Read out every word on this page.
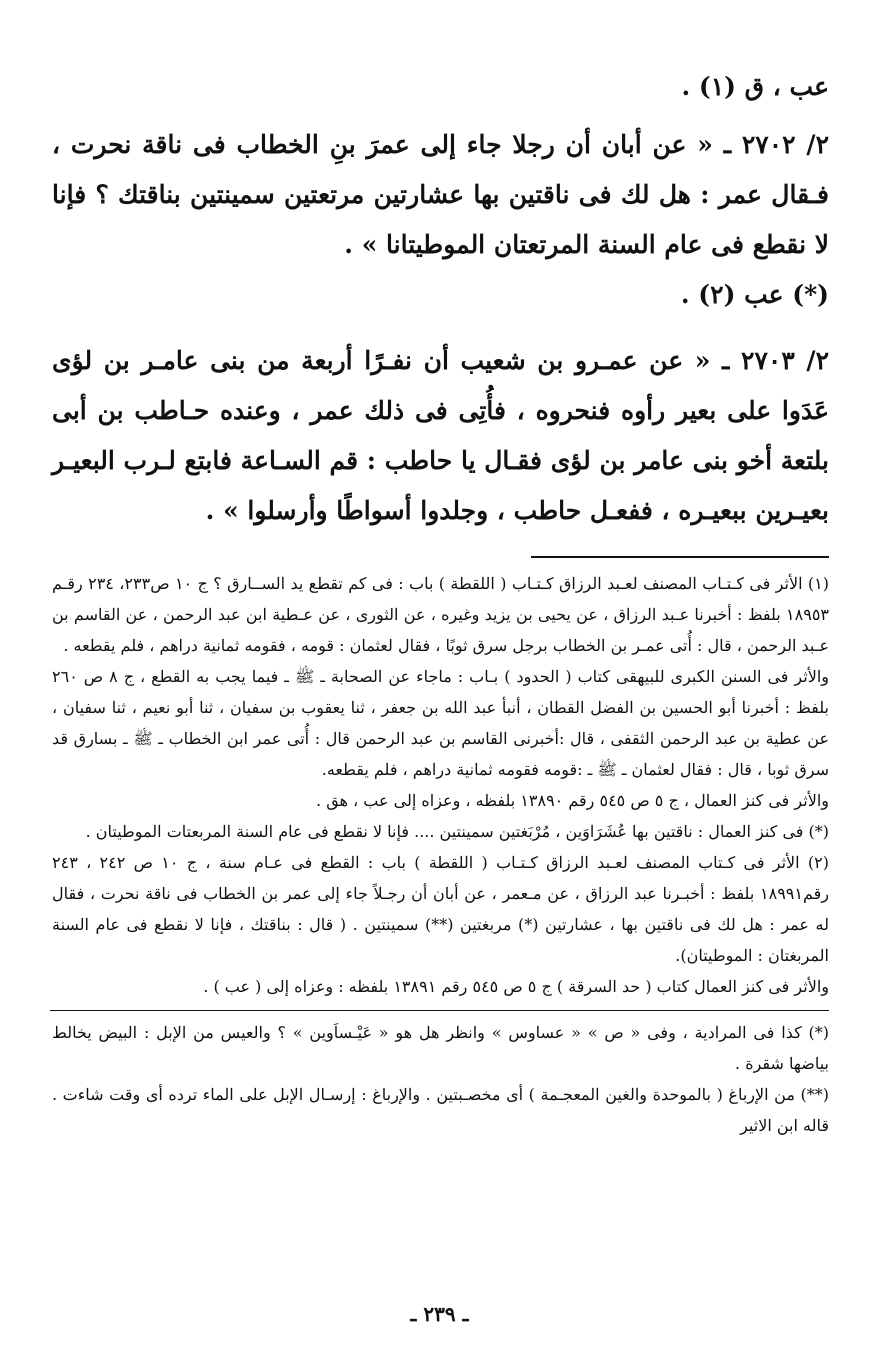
عب ، ق (١) .

٢/ ٢٧٠٢ ـ « عن أبان أن رجلا جاء إلى عمرَ بنِ الخطاب فى ناقة نحرت ، فـقال عمر : هل لك فى ناقتين بها عشارتين مرتعتين سمينتين بناقتك ؟ فإنا لا نقطع فى عام السنة المرتعتان الموطيتانا » .

(*) عب (٢) .

٢/ ٢٧٠٣ ـ « عن عمـرو بن شعيب أن نفـرًا أربعة من بنى عامـر بن لؤى عَدَوا على بعير رأوه فنحروه ، فأُتِى فى ذلك عمر ، وعنده حـاطب بن أبى بلتعة أخو بنى عامر بن لؤى فقـال يا حاطب : قم السـاعة فابتع لـرب البعيـر بعيـرين ببعيـره ، ففعـل حاطب ، وجلدوا أسواطًا وأرسلوا » .

(١) الأثر فى كـتـاب المصنف لعـبد الرزاق كـتـاب ( اللقطة ) باب : فى كم تقطع يد الســارق ؟ ج ١٠ ص٢٣٣، ٢٣٤ رقـم ١٨٩٥٣ بلفظ : أخبرنا عـبد الرزاق ، عن يحيى بن يزيد وغيره ، عن الثورى ، عن عـطية ابن عبد الرحمن ، عن القاسم بن عـبد الرحمن ، قال : أُتى عمـر بن الخطاب برجل سرق ثوبًا ، فقال لعثمان : قومه ، فقومه ثمانية دراهم ، فلم يقطعه .

والأثر فى السنن الكبرى للبيهقى كتاب ( الحدود ) بـاب : ماجاء عن الصحابة ـ ﷺ ـ فيما يجب به القطع ، ج ٨ ص ٢٦٠ بلفظ : أخبرنا أبو الحسين بن الفضل القطان ، أنبأ عبد الله بن جعفر ، ثنا يعقوب بن سفيان ، ثنا أبو نعيم ، ثنا سفيان ، عن عطية بن عبد الرحمن الثقفى ، قال :أخبرنى القاسم بن عبد الرحمن قال : أُتى عمر ابن الخطاب ـ ﷺ ـ بسارق قد سرق ثوبا ، قال : فقال لعثمان ـ ﷺ ـ :قومه فقومه ثمانية دراهم ، فلم يقطعه.

والأثر فى كنز العمال ، ج ٥ ص ٥٤٥ رقم ١٣٨٩٠ بلفظه ، وعزاه إلى عب ، هق .

(*) فى كنز العمال : ناقتين بها عُشَرَاوَين ، مُرْبَغتين سمينتين .... فإنا لا نقطع فى عام السنة المربعتات الموطيتان .

(٢) الأثر فى كـتاب المصنف لعـبد الرزاق كـتـاب ( اللقطة ) باب : القطع فى عـام سنة ، ج ١٠ ص ٢٤٢ ، ٢٤٣ رقم١٨٩٩١ بلفظ : أخبـرنا عبد الرزاق ، عن مـعمر ، عن أبان أن رجـلاً جاء إلى عمر بن الخطاب فى ناقة نحرت ، فقال له عمر : هل لك فى ناقتين بها ، عشارتين (*) مربغتين (**) سمينتين . ( قال : بناقتك ، فإنا لا نقطع فى عام السنة المربغتان : الموطيتان).

والأثر فى كنز العمال كتاب ( حد السرقة ) ج ٥ ص ٥٤٥ رقم ١٣٨٩١ بلفظه : وعزاه إلى ( عب ) .

(*) كذا فى المرادية ، وفى « ص » « عساوس » وانظر هل هو « عَيْـساَوين » ؟ والعيس من الإبل : البيض يخالط بياضها شقرة .

(**) من الإرباغ ( بالموحدة والغين المعجـمة ) أى مخصـبتين . والإرباغ : إرسـال الإبل على الماء ترده أى وقت شاءت . قاله ابن الاثير

ـ ٢٣٩ ـ
